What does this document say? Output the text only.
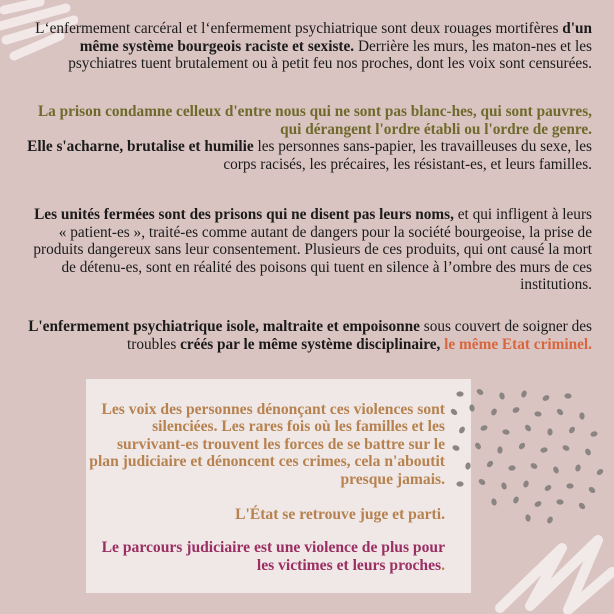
L‘enfermement carcéral et l‘enfermement psychiatrique sont deux rouages mortifères d'un même système bourgeois raciste et sexiste. Derrière les murs, les maton-nes et les psychiatres tuent brutalement ou à petit feu nos proches, dont les voix sont censurées.
La prison condamne celleux d'entre nous qui ne sont pas blanc-hes, qui sont pauvres, qui dérangent l'ordre établi ou l'ordre de genre.
Elle s'acharne, brutalise et humilie les personnes sans-papier, les travailleuses du sexe, les corps racisés, les précaires, les résistant-es, et leurs familles.
Les unités fermées sont des prisons qui ne disent pas leurs noms, et qui infligent à leurs « patient-es », traité-es comme autant de dangers pour la société bourgeoise, la prise de produits dangereux sans leur consentement. Plusieurs de ces produits, qui ont causé la mort de détenu-es, sont en réalité des poisons qui tuent en silence à l’ombre des murs de ces institutions.
L'enfermement psychiatrique isole, maltraite et empoisonne sous couvert de soigner des troubles créés par le même système disciplinaire, le même Etat criminel.
Les voix des personnes dénonçant ces violences sont silenciées. Les rares fois où les familles et les survivant-es trouvent les forces de se battre sur le plan judiciaire et dénoncent ces crimes, cela n'aboutit presque jamais.
L'État se retrouve juge et parti.
Le parcours judiciaire est une violence de plus pour les victimes et leurs proches.
